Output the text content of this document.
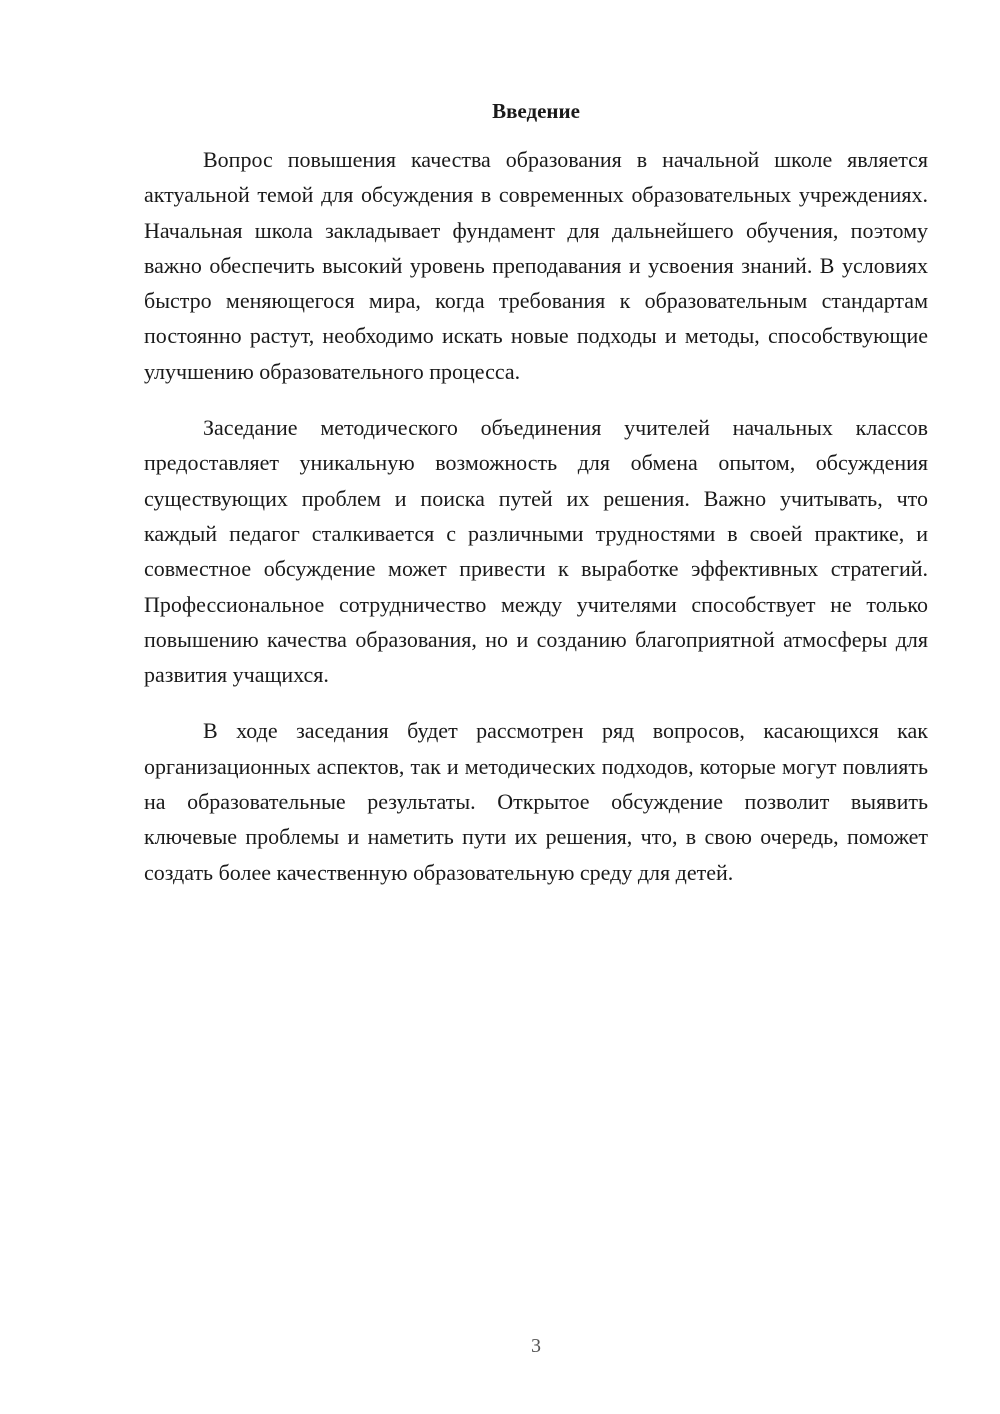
Введение

Вопрос повышения качества образования в начальной школе является актуальной темой для обсуждения в современных образовательных учреждениях. Начальная школа закладывает фундамент для дальнейшего обучения, поэтому важно обеспечить высокий уровень преподавания и усвоения знаний. В условиях быстро меняющегося мира, когда требования к образовательным стандартам постоянно растут, необходимо искать новые подходы и методы, способствующие улучшению образовательного процесса.

Заседание методического объединения учителей начальных классов предоставляет уникальную возможность для обмена опытом, обсуждения существующих проблем и поиска путей их решения. Важно учитывать, что каждый педагог сталкивается с различными трудностями в своей практике, и совместное обсуждение может привести к выработке эффективных стратегий. Профессиональное сотрудничество между учителями способствует не только повышению качества образования, но и созданию благоприятной атмосферы для развития учащихся.

В ходе заседания будет рассмотрен ряд вопросов, касающихся как организационных аспектов, так и методических подходов, которые могут повлиять на образовательные результаты. Открытое обсуждение позволит выявить ключевые проблемы и наметить пути их решения, что, в свою очередь, поможет создать более качественную образовательную среду для детей.

3
